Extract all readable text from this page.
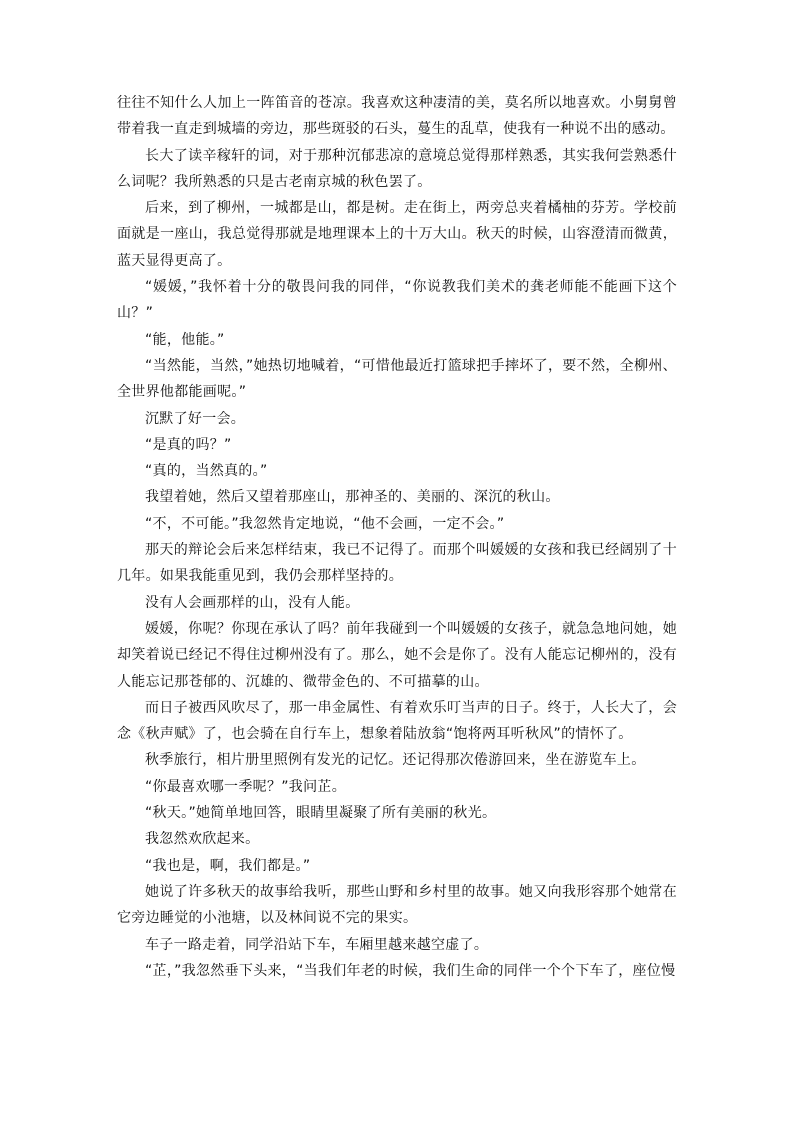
往往不知什么人加上一阵笛音的苍凉。我喜欢这种凄清的美，莫名所以地喜欢。小舅舅曾带着我一直走到城墙的旁边，那些斑驳的石头，蔓生的乱草，使我有一种说不出的感动。

长大了读辛稼轩的词，对于那种沉郁悲凉的意境总觉得那样熟悉，其实我何尝熟悉什么词呢？我所熟悉的只是古老南京城的秋色罢了。

后来，到了柳州，一城都是山，都是树。走在街上，两旁总夹着橘柚的芬芳。学校前面就是一座山，我总觉得那就是地理课本上的十万大山。秋天的时候，山容澄清而微黄，蓝天显得更高了。

“媛媛，”我怀着十分的敬畏问我的同伴，“你说教我们美术的龚老师能不能画下这个山？”

“能，他能。”

“当然能，当然，”她热切地喊着，“可惜他最近打篮球把手摔坏了，要不然，全柳州、全世界他都能画呢。”

沉默了好一会。

“是真的吗？”

“真的，当然真的。”

我望着她，然后又望着那座山，那神圣的、美丽的、深沉的秋山。

“不，不可能。”我忽然肯定地说，“他不会画，一定不会。”

那天的辩论会后来怎样结束，我已不记得了。而那个叫媛媛的女孩和我已经阔别了十几年。如果我能重见到，我仍会那样坚持的。

没有人会画那样的山，没有人能。

媛媛，你呢？你现在承认了吗？前年我碰到一个叫媛媛的女孩子，就急急地问她，她却笑着说已经记不得住过柳州没有了。那么，她不会是你了。没有人能忘记柳州的，没有人能忘记那苍郁的、沉雄的、微带金色的、不可描摹的山。

而日子被西风吹尽了，那一串金属性、有着欢乐叮当声的日子。终于，人长大了，会念《秋声赋》了，也会骑在自行车上，想象着陆放翁“饱将两耳听秋风”的情怀了。

秋季旅行，相片册里照例有发光的记忆。还记得那次倦游回来，坐在游览车上。

“你最喜欢哪一季呢？”我问芷。

“秋天。”她简单地回答，眼睛里凝聚了所有美丽的秋光。

我忽然欢欣起来。

“我也是，啊，我们都是。”

她说了许多秋天的故事给我听，那些山野和乡村里的故事。她又向我形容那个她常在它旁边睡觉的小池塘，以及林间说不完的果实。

车子一路走着，同学沿站下车，车厢里越来越空虚了。

“芷，”我忽然垂下头来，“当我们年老的时候，我们生命的同伴一个个下车了，座位慢
